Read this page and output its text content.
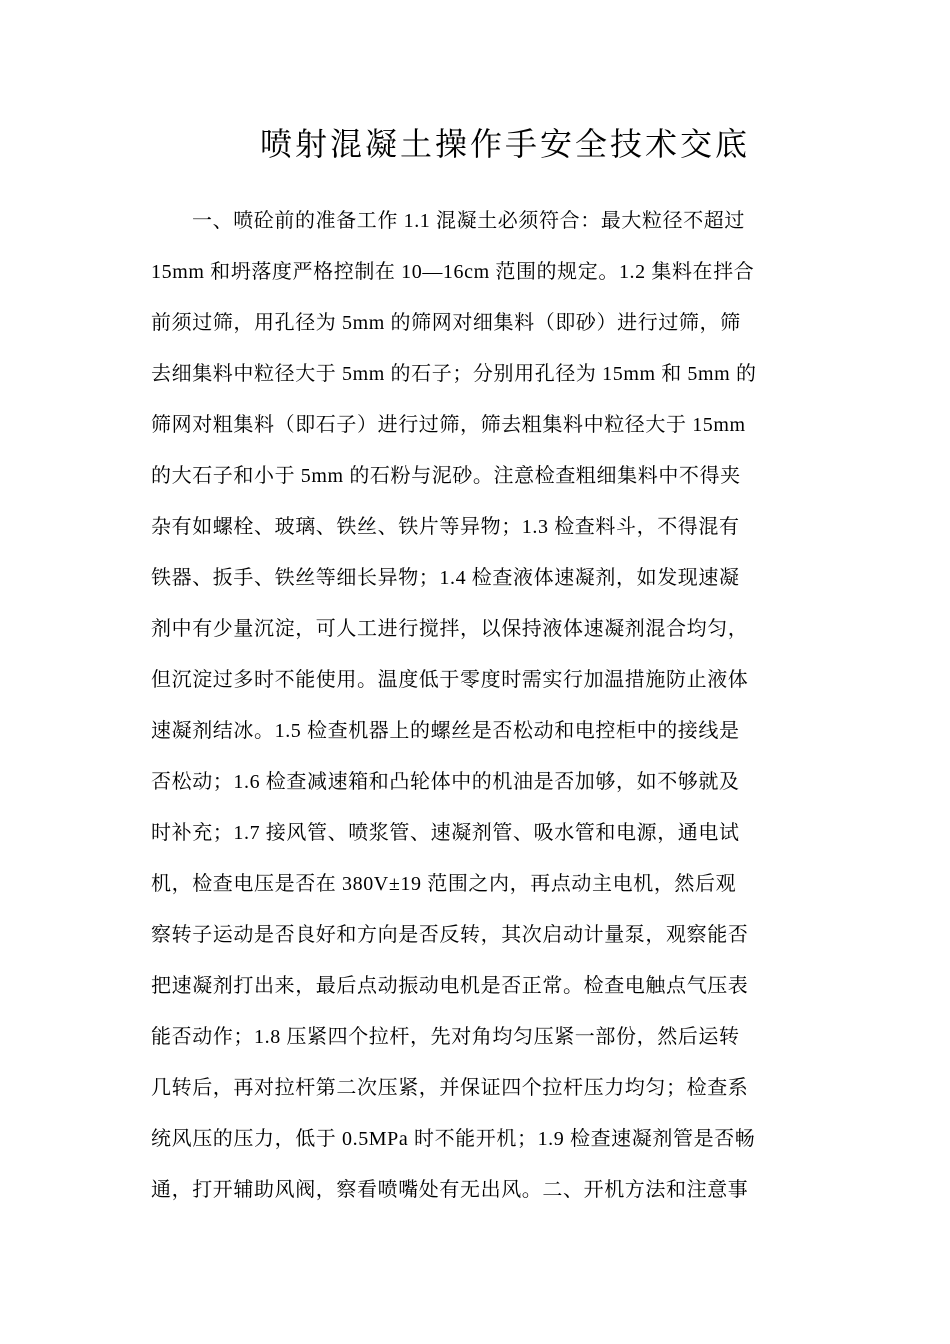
喷射混凝土操作手安全技术交底
一、喷砼前的准备工作 1.1 混凝土必须符合：最大粒径不超过
15mm 和坍落度严格控制在 10—16cm 范围的规定。1.2 集料在拌合
前须过筛，用孔径为 5mm 的筛网对细集料（即砂）进行过筛，筛
去细集料中粒径大于 5mm 的石子；分别用孔径为 15mm 和 5mm 的
筛网对粗集料（即石子）进行过筛，筛去粗集料中粒径大于 15mm
的大石子和小于 5mm 的石粉与泥砂。注意检查粗细集料中不得夹
杂有如螺栓、玻璃、铁丝、铁片等异物；1.3 检查料斗，不得混有
铁器、扳手、铁丝等细长异物；1.4 检查液体速凝剂，如发现速凝
剂中有少量沉淀，可人工进行搅拌，以保持液体速凝剂混合均匀，
但沉淀过多时不能使用。温度低于零度时需实行加温措施防止液体
速凝剂结冰。1.5 检查机器上的螺丝是否松动和电控柜中的接线是
否松动；1.6 检查减速箱和凸轮体中的机油是否加够，如不够就及
时补充；1.7 接风管、喷浆管、速凝剂管、吸水管和电源，通电试
机，检查电压是否在 380V±19 范围之内，再点动主电机，然后观
察转子运动是否良好和方向是否反转，其次启动计量泵，观察能否
把速凝剂打出来，最后点动振动电机是否正常。检查电触点气压表
能否动作；1.8 压紧四个拉杆，先对角均匀压紧一部份，然后运转
几转后，再对拉杆第二次压紧，并保证四个拉杆压力均匀；检查系
统风压的压力，低于 0.5MPa 时不能开机；1.9 检查速凝剂管是否畅
通，打开辅助风阀，察看喷嘴处有无出风。二、开机方法和注意事
